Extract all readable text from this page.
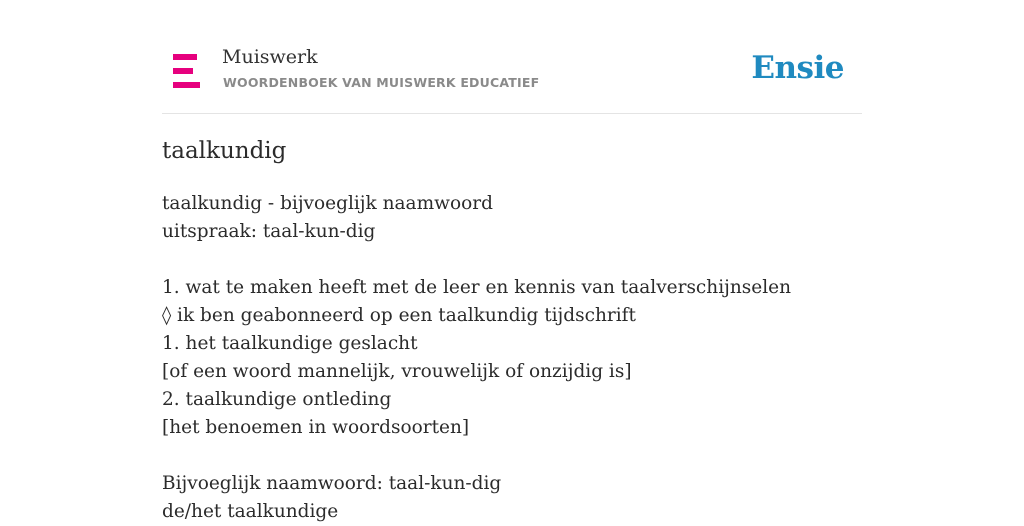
Muiswerk
WOORDENBOEK VAN MUISWERK EDUCATIEF	Ensie
taalkundig
taalkundig - bijvoeglijk naamwoord
uitspraak: taal-kun-dig
1. wat te maken heeft met de leer en kennis van taalverschijnselen
◊ ik ben geabonneerd op een taalkundig tijdschrift
1. het taalkundige geslacht
[of een woord mannelijk, vrouwelijk of onzijdig is]
2. taalkundige ontleding
[het benoemen in woordsoorten]
Bijvoeglijk naamwoord: taal-kun-dig
de/het taalkundige
